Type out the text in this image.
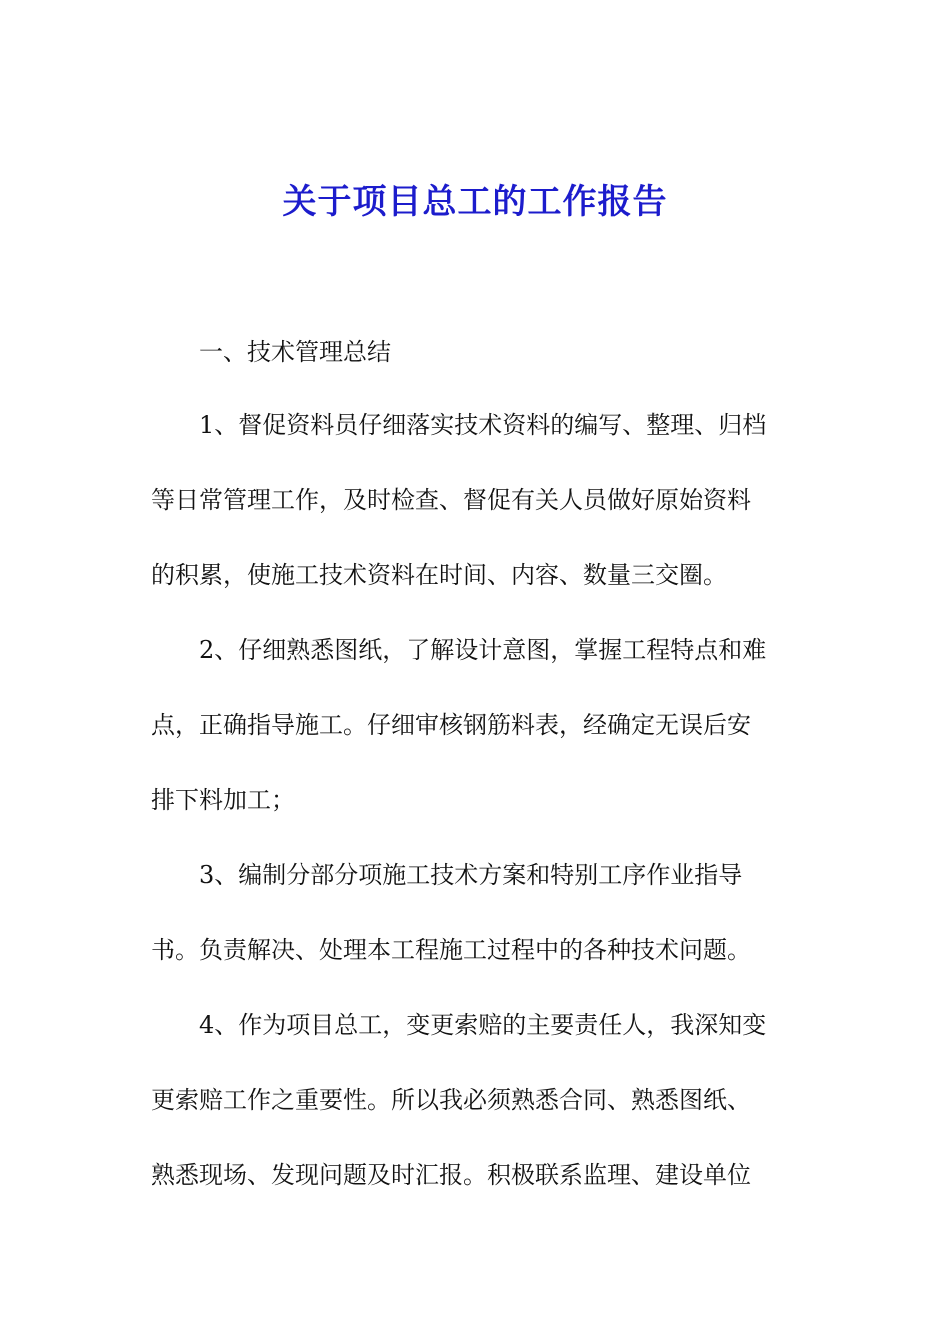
关于项目总工的工作报告
一、技术管理总结
1、督促资料员仔细落实技术资料的编写、整理、归档
等日常管理工作，及时检查、督促有关人员做好原始资料
的积累，使施工技术资料在时间、内容、数量三交圈。
2、仔细熟悉图纸，了解设计意图，掌握工程特点和难
点，正确指导施工。仔细审核钢筋料表，经确定无误后安
排下料加工；
3、编制分部分项施工技术方案和特别工序作业指导
书。负责解决、处理本工程施工过程中的各种技术问题。
4、作为项目总工，变更索赔的主要责任人，我深知变
更索赔工作之重要性。所以我必须熟悉合同、熟悉图纸、
熟悉现场、发现问题及时汇报。积极联系监理、建设单位
